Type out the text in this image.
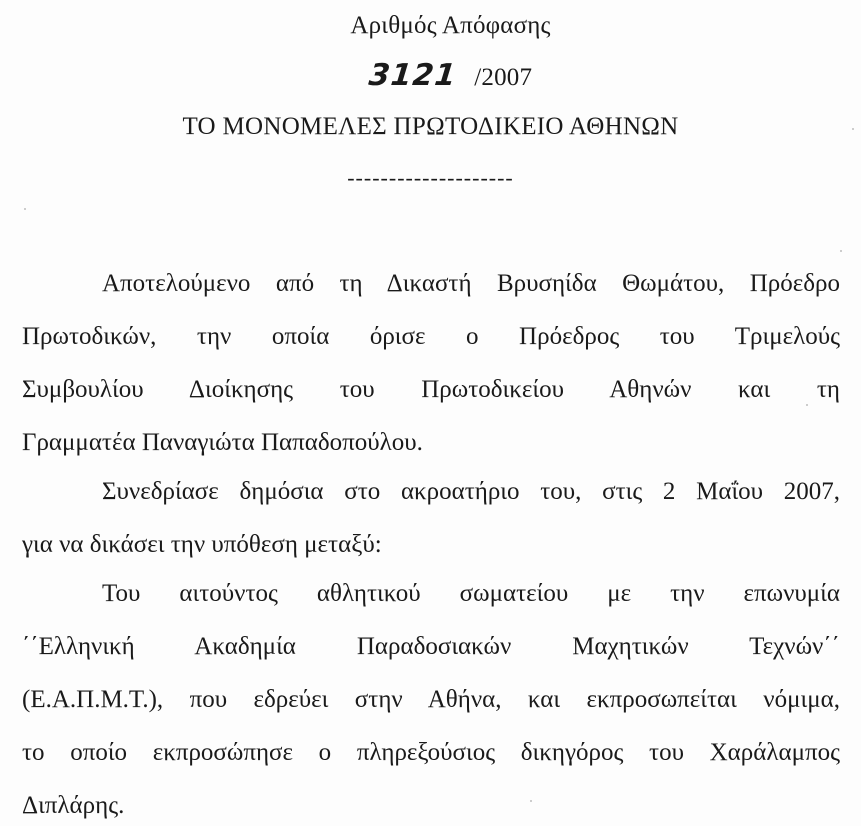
Αριθμός Απόφασης
3121 /2007
ΤΟ ΜΟΝΟΜΕΛΕΣ ΠΡΩΤΟΔΙΚΕΙΟ ΑΘΗΝΩΝ
--------------------
Αποτελούμενο από τη Δικαστή Βρυσηίδα Θωμάτου, Πρόεδρο
Πρωτοδικών, την οποία όρισε ο Πρόεδρος του Τριμελούς
Συμβουλίου Διοίκησης του Πρωτοδικείου Αθηνών και τη
Γραμματέα Παναγιώτα Παπαδοπούλου.
Συνεδρίασε δημόσια στο ακροατήριο του, στις 2 Μαΐου 2007,
για να δικάσει την υπόθεση μεταξύ:
Του αιτούντος αθλητικού σωματείου με την επωνυμία
΄΄Ελληνική Ακαδημία Παραδοσιακών Μαχητικών Τεχνών΄΄
(Ε.Α.Π.Μ.Τ.), που εδρεύει στην Αθήνα, και εκπροσωπείται νόμιμα,
το οποίο εκπροσώπησε ο πληρεξούσιος δικηγόρος του Χαράλαμπος
Διπλάρης.
